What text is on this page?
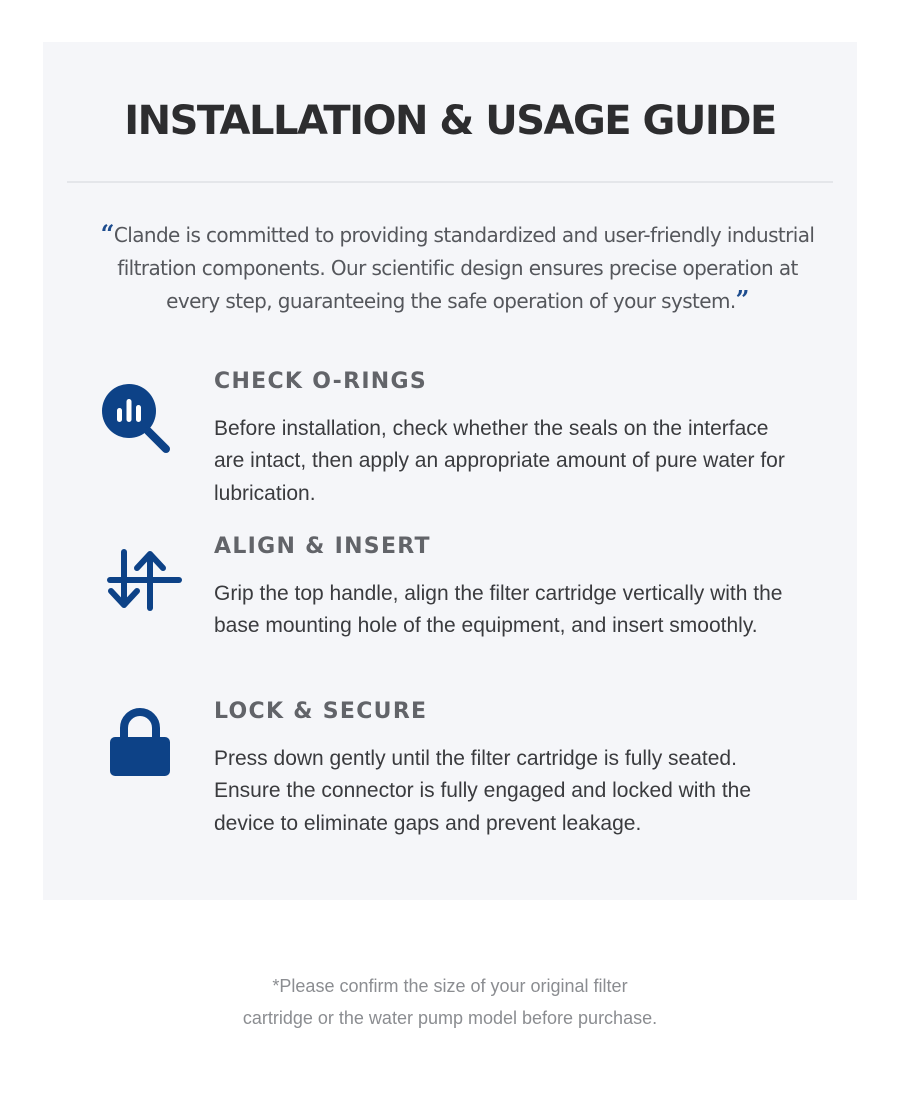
INSTALLATION & USAGE GUIDE

“Clande is committed to providing standardized and user-friendly industrial
filtration components. Our scientific design ensures precise operation at
every step, guaranteeing the safe operation of your system.”

CHECK O-RINGS

Before installation, check whether the seals on the interface
are intact, then apply an appropriate amount of pure water for
lubrication.

ALIGN & INSERT

Grip the top handle, align the filter cartridge vertically with the
base mounting hole of the equipment, and insert smoothly.

LOCK & SECURE

Press down gently until the filter cartridge is fully seated.
Ensure the connector is fully engaged and locked with the
device to eliminate gaps and prevent leakage.

*Please confirm the size of your original filter
cartridge or the water pump model before purchase.
